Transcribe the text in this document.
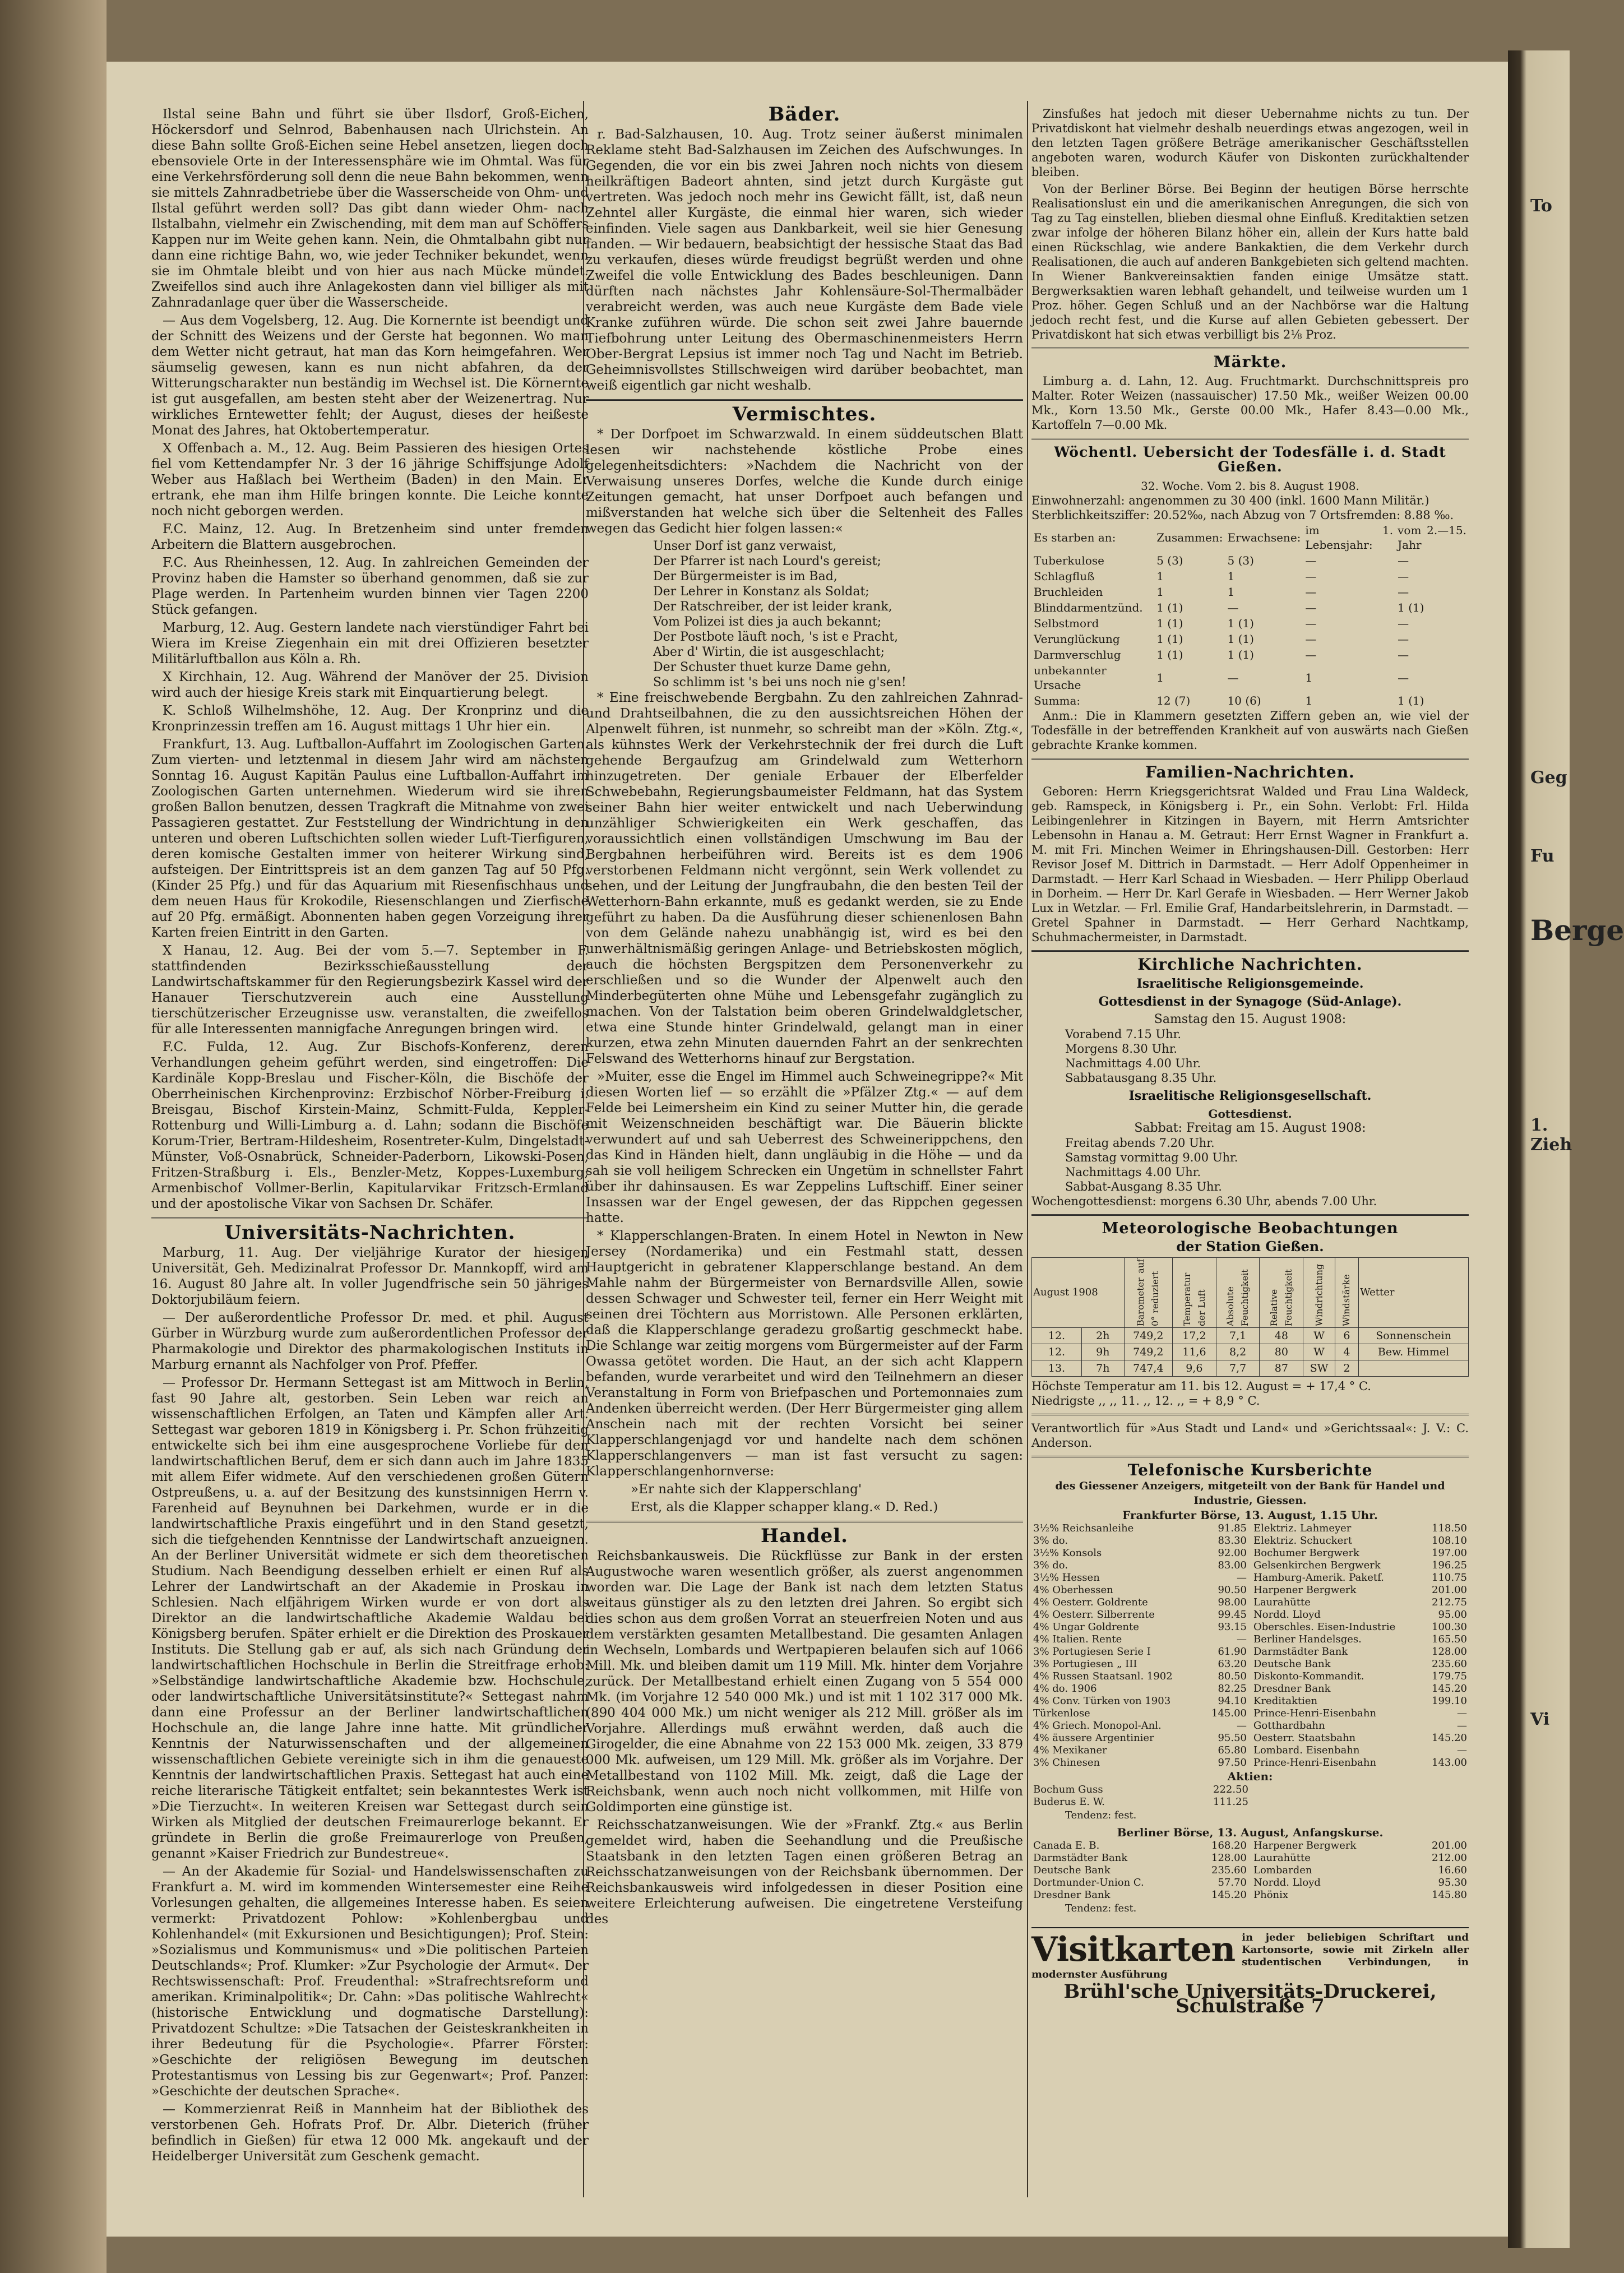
To
Geg
Fu
Berge
1. Zieh
Vi

Ilstal seine Bahn und führt sie über Ilsdorf, Groß-Eichen, Höckersdorf und Selnrod, Babenhausen nach Ulrichstein. An diese Bahn sollte Groß-Eichen seine Hebel ansetzen, liegen doch ebensoviele Orte in der Interessensphäre wie im Ohmtal. Was für eine Verkehrsförderung soll denn die neue Bahn bekommen, wenn sie mittels Zahnradbetriebe über die Wasserscheide von Ohm- und Ilstal geführt werden soll? Das gibt dann wieder Ohm- nach Ilstalbahn, vielmehr ein Zwischending, mit dem man auf Schöffers Kappen nur im Weite gehen kann. Nein, die Ohmtalbahn gibt nur dann eine richtige Bahn, wo, wie jeder Techniker bekundet, wenn sie im Ohmtale bleibt und von hier aus nach Mücke mündet. Zweifellos sind auch ihre Anlagekosten dann viel billiger als mit Zahnradanlage quer über die Wasserscheide.

— Aus dem Vogelsberg, 12. Aug. Die Kornernte ist beendigt und der Schnitt des Weizens und der Gerste hat begonnen. Wo man dem Wetter nicht getraut, hat man das Korn heimgefahren. Wer säumselig gewesen, kann es nun nicht abfahren, da der Witterungscharakter nun beständig im Wechsel ist. Die Körnernte ist gut ausgefallen, am besten steht aber der Weizenertrag. Nur wirkliches Erntewetter fehlt; der August, dieses der heißeste Monat des Jahres, hat Oktobertemperatur.

X Offenbach a. M., 12. Aug. Beim Passieren des hiesigen Ortes fiel vom Kettendampfer Nr. 3 der 16 jährige Schiffsjunge Adolf Weber aus Haßlach bei Wertheim (Baden) in den Main. Er ertrank, ehe man ihm Hilfe bringen konnte. Die Leiche konnte noch nicht geborgen werden.

F.C. Mainz, 12. Aug. In Bretzenheim sind unter fremden Arbeitern die Blattern ausgebrochen.

F.C. Aus Rheinhessen, 12. Aug. In zahlreichen Gemeinden der Provinz haben die Hamster so überhand genommen, daß sie zur Plage werden. In Partenheim wurden binnen vier Tagen 2200 Stück gefangen.

Marburg, 12. Aug. Gestern landete nach vierstündiger Fahrt bei Wiera im Kreise Ziegenhain ein mit drei Offizieren besetzter Militärluftballon aus Köln a. Rh.

X Kirchhain, 12. Aug. Während der Manöver der 25. Division wird auch der hiesige Kreis stark mit Einquartierung belegt.

K. Schloß Wilhelmshöhe, 12. Aug. Der Kronprinz und die Kronprinzessin treffen am 16. August mittags 1 Uhr hier ein.

Frankfurt, 13. Aug. Luftballon-Auffahrt im Zoologischen Garten. Zum vierten- und letztenmal in diesem Jahr wird am nächsten Sonntag 16. August Kapitän Paulus eine Luftballon-Auffahrt im Zoologischen Garten unternehmen. Wiederum wird sie ihren großen Ballon benutzen, dessen Tragkraft die Mitnahme von zwei Passagieren gestattet. Zur Feststellung der Windrichtung in den unteren und oberen Luftschichten sollen wieder Luft-Tierfiguren, deren komische Gestalten immer von heiterer Wirkung sind, aufsteigen. Der Eintrittspreis ist an dem ganzen Tag auf 50 Pfg. (Kinder 25 Pfg.) und für das Aquarium mit Riesenfischhaus und dem neuen Haus für Krokodile, Riesenschlangen und Zierfische auf 20 Pfg. ermäßigt. Abonnenten haben gegen Vorzeigung ihrer Karten freien Eintritt in den Garten.

X Hanau, 12. Aug. Bei der vom 5.—7. September in F. stattfindenden Bezirksschießausstellung der Landwirtschaftskammer für den Regierungsbezirk Kassel wird der Hanauer Tierschutzverein auch eine Ausstellung tierschützerischer Erzeugnisse usw. veranstalten, die zweifellos für alle Interessenten mannigfache Anregungen bringen wird.

F.C. Fulda, 12. Aug. Zur Bischofs-Konferenz, deren Verhandlungen geheim geführt werden, sind eingetroffen: Die Kardinäle Kopp-Breslau und Fischer-Köln, die Bischöfe der Oberrheinischen Kirchenprovinz: Erzbischof Nörber-Freiburg i. Breisgau, Bischof Kirstein-Mainz, Schmitt-Fulda, Keppler-Rottenburg und Willi-Limburg a. d. Lahn; sodann die Bischöfe Korum-Trier, Bertram-Hildesheim, Rosentreter-Kulm, Dingelstadt-Münster, Voß-Osnabrück, Schneider-Paderborn, Likowski-Posen, Fritzen-Straßburg i. Els., Benzler-Metz, Koppes-Luxemburg; Armenbischof Vollmer-Berlin, Kapitularvikar Fritzsch-Ermland und der apostolische Vikar von Sachsen Dr. Schäfer.

Universitäts-Nachrichten.

Marburg, 11. Aug. Der vieljährige Kurator der hiesigen Universität, Geh. Medizinalrat Professor Dr. Mannkopff, wird am 16. August 80 Jahre alt. In voller Jugendfrische sein 50 jähriges Doktorjubiläum feiern.

— Der außerordentliche Professor Dr. med. et phil. August Gürber in Würzburg wurde zum außerordentlichen Professor der Pharmakologie und Direktor des pharmakologischen Instituts in Marburg ernannt als Nachfolger von Prof. Pfeffer.

— Professor Dr. Hermann Settegast ist am Mittwoch in Berlin, fast 90 Jahre alt, gestorben. Sein Leben war reich an wissenschaftlichen Erfolgen, an Taten und Kämpfen aller Art. Settegast war geboren 1819 in Königsberg i. Pr. Schon frühzeitig entwickelte sich bei ihm eine ausgesprochene Vorliebe für den landwirtschaftlichen Beruf, dem er sich dann auch im Jahre 1835 mit allem Eifer widmete. Auf den verschiedenen großen Gütern Ostpreußens, u. a. auf der Besitzung des kunstsinnigen Herrn v. Farenheid auf Beynuhnen bei Darkehmen, wurde er in die landwirtschaftliche Praxis eingeführt und in den Stand gesetzt, sich die tiefgehenden Kenntnisse der Landwirtschaft anzueignen. An der Berliner Universität widmete er sich dem theoretischen Studium. Nach Beendigung desselben erhielt er einen Ruf als Lehrer der Landwirtschaft an der Akademie in Proskau in Schlesien. Nach elfjährigem Wirken wurde er von dort als Direktor an die landwirtschaftliche Akademie Waldau bei Königsberg berufen. Später erhielt er die Direktion des Proskauer Instituts. Die Stellung gab er auf, als sich nach Gründung der landwirtschaftlichen Hochschule in Berlin die Streitfrage erhob: »Selbständige landwirtschaftliche Akademie bzw. Hochschule, oder landwirtschaftliche Universitätsinstitute?« Settegast nahm dann eine Professur an der Berliner landwirtschaftlichen Hochschule an, die lange Jahre inne hatte. Mit gründlicher Kenntnis der Naturwissenschaften und der allgemeinen wissenschaftlichen Gebiete vereinigte sich in ihm die genaueste Kenntnis der landwirtschaftlichen Praxis. Settegast hat auch eine reiche literarische Tätigkeit entfaltet; sein bekanntestes Werk ist »Die Tierzucht«. In weiteren Kreisen war Settegast durch sein Wirken als Mitglied der deutschen Freimaurerloge bekannt. Er gründete in Berlin die große Freimaurerloge von Preußen, genannt »Kaiser Friedrich zur Bundestreue«.

— An der Akademie für Sozial- und Handelswissenschaften zu Frankfurt a. M. wird im kommenden Wintersemester eine Reihe Vorlesungen gehalten, die allgemeines Interesse haben. Es seien vermerkt: Privatdozent Pohlow: »Kohlenbergbau und Kohlenhandel« (mit Exkursionen und Besichtigungen); Prof. Stein: »Sozialismus und Kommunismus« und »Die politischen Parteien Deutschlands«; Prof. Klumker: »Zur Psychologie der Armut«. Der Rechtswissenschaft: Prof. Freudenthal: »Strafrechtsreform und amerikan. Kriminalpolitik«; Dr. Cahn: »Das politische Wahlrecht« (historische Entwicklung und dogmatische Darstellung): Privatdozent Schultze: »Die Tatsachen der Geisteskrankheiten in ihrer Bedeutung für die Psychologie«. Pfarrer Förster: »Geschichte der religiösen Bewegung im deutschen Protestantismus von Lessing bis zur Gegenwart«; Prof. Panzer: »Geschichte der deutschen Sprache«.

— Kommerzienrat Reiß in Mannheim hat der Bibliothek des verstorbenen Geh. Hofrats Prof. Dr. Albr. Dieterich (früher befindlich in Gießen) für etwa 12 000 Mk. angekauft und der Heidelberger Universität zum Geschenk gemacht.

Bäder.

r. Bad-Salzhausen, 10. Aug. Trotz seiner äußerst minimalen Reklame steht Bad-Salzhausen im Zeichen des Aufschwunges. In Gegenden, die vor ein bis zwei Jahren noch nichts von diesem heilkräftigen Badeort ahnten, sind jetzt durch Kurgäste gut vertreten. Was jedoch noch mehr ins Gewicht fällt, ist, daß neun Zehntel aller Kurgäste, die einmal hier waren, sich wieder einfinden. Viele sagen aus Dankbarkeit, weil sie hier Genesung fanden. — Wir bedauern, beabsichtigt der hessische Staat das Bad zu verkaufen, dieses würde freudigst begrüßt werden und ohne Zweifel die volle Entwicklung des Bades beschleunigen. Dann dürften nach nächstes Jahr Kohlensäure-Sol-Thermalbäder verabreicht werden, was auch neue Kurgäste dem Bade viele Kranke zuführen würde. Die schon seit zwei Jahre bauernde Tiefbohrung unter Leitung des Obermaschinenmeisters Herrn Ober-Bergrat Lepsius ist immer noch Tag und Nacht im Betrieb. Geheimnisvollstes Stillschweigen wird darüber beobachtet, man weiß eigentlich gar nicht weshalb.

Vermischtes.

* Der Dorfpoet im Schwarzwald. In einem süddeutschen Blatt lesen wir nachstehende köstliche Probe eines gelegenheitsdichters: »Nachdem die Nachricht von der Verwaisung unseres Dorfes, welche die Kunde durch einige Zeitungen gemacht, hat unser Dorfpoet auch befangen und mißverstanden hat welche sich über die Seltenheit des Falles wegen das Gedicht hier folgen lassen:«

Unser Dorf ist ganz verwaist,
Der Pfarrer ist nach Lourd's gereist;
Der Bürgermeister is im Bad,
Der Lehrer in Konstanz als Soldat;
Der Ratschreiber, der ist leider krank,
Vom Polizei ist dies ja auch bekannt;
Der Postbote läuft noch, 's ist e Pracht,
Aber d' Wirtin, die ist ausgeschlacht;
Der Schuster thuet kurze Dame gehn,
So schlimm ist 's bei uns noch nie g'sen!

* Eine freischwebende Bergbahn. Zu den zahlreichen Zahnrad- und Drahtseilbahnen, die zu den aussichtsreichen Höhen der Alpenwelt führen, ist nunmehr, so schreibt man der »Köln. Ztg.«, als kühnstes Werk der Verkehrstechnik der frei durch die Luft gehende Bergaufzug am Grindelwald zum Wetterhorn hinzugetreten. Der geniale Erbauer der Elberfelder Schwebebahn, Regierungsbaumeister Feldmann, hat das System seiner Bahn hier weiter entwickelt und nach Ueberwindung unzähliger Schwierigkeiten ein Werk geschaffen, das voraussichtlich einen vollständigen Umschwung im Bau der Bergbahnen herbeiführen wird. Bereits ist es dem 1906 verstorbenen Feldmann nicht vergönnt, sein Werk vollendet zu sehen, und der Leitung der Jungfraubahn, die den besten Teil der Wetterhorn-Bahn erkannte, muß es gedankt werden, sie zu Ende geführt zu haben. Da die Ausführung dieser schienenlosen Bahn von dem Gelände nahezu unabhängig ist, wird es bei den unwerhältnismäßig geringen Anlage- und Betriebskosten möglich, auch die höchsten Bergspitzen dem Personenverkehr zu erschließen und so die Wunder der Alpenwelt auch den Minderbegüterten ohne Mühe und Lebensgefahr zugänglich zu machen. Von der Talstation beim oberen Grindelwaldgletscher, etwa eine Stunde hinter Grindelwald, gelangt man in einer kurzen, etwa zehn Minuten dauernden Fahrt an der senkrechten Felswand des Wetterhorns hinauf zur Bergstation.

»Muiter, esse die Engel im Himmel auch Schweinegrippe?« Mit diesen Worten lief — so erzählt die »Pfälzer Ztg.« — auf dem Felde bei Leimersheim ein Kind zu seiner Mutter hin, die gerade mit Weizenschneiden beschäftigt war. Die Bäuerin blickte verwundert auf und sah Ueberrest des Schweinerippchens, den das Kind in Händen hielt, dann ungläubig in die Höhe — und da sah sie voll heiligem Schrecken ein Ungetüm in schnellster Fahrt über ihr dahinsausen. Es war Zeppelins Luftschiff. Einer seiner Insassen war der Engel gewesen, der das Rippchen gegessen hatte.

* Klapperschlangen-Braten. In einem Hotel in Newton in New Jersey (Nordamerika) und ein Festmahl statt, dessen Hauptgericht in gebratener Klapperschlange bestand. An dem Mahle nahm der Bürgermeister von Bernardsville Allen, sowie dessen Schwager und Schwester teil, ferner ein Herr Weight mit seinen drei Töchtern aus Morristown. Alle Personen erklärten, daß die Klapperschlange geradezu großartig geschmeckt habe. Die Schlange war zeitig morgens vom Bürgermeister auf der Farm Owassa getötet worden. Die Haut, an der sich acht Klappern befanden, wurde verarbeitet und wird den Teilnehmern an dieser Veranstaltung in Form von Briefpaschen und Portemonnaies zum Andenken überreicht werden. (Der Herr Bürgermeister ging allem Anschein nach mit der rechten Vorsicht bei seiner Klapperschlangenjagd vor und handelte nach dem schönen Klapperschlangenvers — man ist fast versucht zu sagen: Klapperschlangenhornverse:

»Er nahte sich der Klapperschlang'

Erst, als die Klapper schapper klang.« D. Red.)

Handel.

Reichsbankausweis. Die Rückflüsse zur Bank in der ersten Augustwoche waren wesentlich größer, als zuerst angenommen worden war. Die Lage der Bank ist nach dem letzten Status weitaus günstiger als zu den letzten drei Jahren. So ergibt sich dies schon aus dem großen Vorrat an steuerfreien Noten und aus dem verstärkten gesamten Metallbestand. Die gesamten Anlagen in Wechseln, Lombards und Wertpapieren belaufen sich auf 1066 Mill. Mk. und bleiben damit um 119 Mill. Mk. hinter dem Vorjahre zurück. Der Metallbestand erhielt einen Zugang von 5 554 000 Mk. (im Vorjahre 12 540 000 Mk.) und ist mit 1 102 317 000 Mk. (890 404 000 Mk.) um nicht weniger als 212 Mill. größer als im Vorjahre. Allerdings muß erwähnt werden, daß auch die Girogelder, die eine Abnahme von 22 153 000 Mk. zeigen, 33 879 000 Mk. aufweisen, um 129 Mill. Mk. größer als im Vorjahre. Der Metallbestand von 1102 Mill. Mk. zeigt, daß die Lage der Reichsbank, wenn auch noch nicht vollkommen, mit Hilfe von Goldimporten eine günstige ist.

Reichsschatzanweisungen. Wie der »Frankf. Ztg.« aus Berlin gemeldet wird, haben die Seehandlung und die Preußische Staatsbank in den letzten Tagen einen größeren Betrag an Reichsschatzanweisungen von der Reichsbank übernommen. Der Reichsbankausweis wird infolgedessen in dieser Position eine weitere Erleichterung aufweisen. Die eingetretene Versteifung des

Zinsfußes hat jedoch mit dieser Uebernahme nichts zu tun. Der Privatdiskont hat vielmehr deshalb neuerdings etwas angezogen, weil in den letzten Tagen größere Beträge amerikanischer Geschäftsstellen angeboten waren, wodurch Käufer von Diskonten zurückhaltender bleiben.

Von der Berliner Börse. Bei Beginn der heutigen Börse herrschte Realisationslust ein und die amerikanischen Anregungen, die sich von Tag zu Tag einstellen, blieben diesmal ohne Einfluß. Kreditaktien setzen zwar infolge der höheren Bilanz höher ein, allein der Kurs hatte bald einen Rückschlag, wie andere Bankaktien, die dem Verkehr durch Realisationen, die auch auf anderen Bankgebieten sich geltend machten. In Wiener Bankvereinsaktien fanden einige Umsätze statt. Bergwerksaktien waren lebhaft gehandelt, und teilweise wurden um 1 Proz. höher. Gegen Schluß und an der Nachbörse war die Haltung jedoch recht fest, und die Kurse auf allen Gebieten gebessert. Der Privatdiskont hat sich etwas verbilligt bis 2⅛ Proz.

Märkte.

Limburg a. d. Lahn, 12. Aug. Fruchtmarkt. Durchschnittspreis pro Malter. Roter Weizen (nassauischer) 17.50 Mk., weißer Weizen 00.00 Mk., Korn 13.50 Mk., Gerste 00.00 Mk., Hafer 8.43—0.00 Mk., Kartoffeln 7—0.00 Mk.

Wöchentl. Uebersicht der Todesfälle i. d. Stadt Gießen.
32. Woche. Vom 2. bis 8. August 1908.
Einwohnerzahl: angenommen zu 30 400 (inkl. 1600 Mann Militär.)
Sterblichkeitsziffer: 20.52‰, nach Abzug von 7 Ortsfremden: 8.88 ‰.
Es starben an:	Zusammen:	Erwachsene:	im 1. Lebensjahr:	vom 2.—15. Jahr
Tuberkulose	5 (3)	5 (3)	—	—
Schlagfluß	1	1	—	—
Bruchleiden	1	1	—	—
Blinddarmentzünd.	1 (1)	—	—	1 (1)
Selbstmord	1 (1)	1 (1)	—	—
Verunglückung	1 (1)	1 (1)	—	—
Darmverschlug	1 (1)	1 (1)	—	—
unbekannter Ursache	1	—	1	—
Summa:	12 (7)	10 (6)	1	1 (1)

Anm.: Die in Klammern gesetzten Ziffern geben an, wie viel der Todesfälle in der betreffenden Krankheit auf von auswärts nach Gießen gebrachte Kranke kommen.

Familien-Nachrichten.

Geboren: Herrn Kriegsgerichtsrat Walded und Frau Lina Waldeck, geb. Ramspeck, in Königsberg i. Pr., ein Sohn. Verlobt: Frl. Hilda Leibingenlehrer in Kitzingen in Bayern, mit Herrn Amtsrichter Lebensohn in Hanau a. M. Getraut: Herr Ernst Wagner in Frankfurt a. M. mit Fri. Minchen Weimer in Ehringshausen-Dill. Gestorben: Herr Revisor Josef M. Dittrich in Darmstadt. — Herr Adolf Oppenheimer in Darmstadt. — Herr Karl Schaad in Wiesbaden. — Herr Philipp Oberlaud in Dorheim. — Herr Dr. Karl Gerafe in Wiesbaden. — Herr Werner Jakob Lux in Wetzlar. — Frl. Emilie Graf, Handarbeitslehrerin, in Darmstadt. — Gretel Spahner in Darmstadt. — Herr Gerhard Nachtkamp, Schuhmachermeister, in Darmstadt.

Kirchliche Nachrichten.
Israelitische Religionsgemeinde.
Gottesdienst in der Synagoge (Süd-Anlage).
Samstag den 15. August 1908:
Vorabend 7.15 Uhr.
Morgens 8.30 Uhr.
Nachmittags 4.00 Uhr.
Sabbatausgang 8.35 Uhr.
Israelitische Religionsgesellschaft.
Gottesdienst.
Sabbat: Freitag am 15. August 1908:
Freitag abends 7.20 Uhr.
Samstag vormittag 9.00 Uhr.
Nachmittags 4.00 Uhr.
Sabbat-Ausgang 8.35 Uhr.
Wochengottesdienst: morgens 6.30 Uhr, abends 7.00 Uhr.
Meteorologische Beobachtungen
der Station Gießen.
August 1908		Barometer auf 0° reduziert	Temperatur der Luft	Absolute Feuchtigkeit	Relative Feuchtigkeit	Windrichtung	Windstärke	Wetter
12.	2h	749,2	17,2	7,1	48	W	6	Sonnenschein
12.	9h	749,2	11,6	8,2	80	W	4	Bew. Himmel
13.	7h	747,4	9,6	7,7	87	SW	2	
Höchste Temperatur am 11. bis 12. August = + 17,4 ° C.
Niedrigste ,, ,, 11. ,, 12. ,, = + 8,9 ° C.
Verantwortlich für »Aus Stadt und Land« und »Gerichtssaal«: J. V.: C. Anderson.
Telefonische Kursberichte
des Giessener Anzeigers, mitgeteilt von der Bank für Handel und Industrie, Giessen.
Frankfurter Börse, 13. August, 1.15 Uhr.
3½% Reichsanleihe	91.85
3% do.	83.30
3½% Konsols	92.00
3% do.	83.00
3½% Hessen	—
4% Oberhessen	90.50
4% Oesterr. Goldrente	98.00
4% Oesterr. Silberrente	99.45
4% Ungar Goldrente	93.15
4% Italien. Rente	—
3% Portugiesen Serie I	61.90
3% Portugiesen „ III	63.20
4% Russen Staatsanl. 1902	80.50
4% do. 1906	82.25
4% Conv. Türken von 1903	94.10
Türkenlose	145.00
4% Griech. Monopol-Anl.	—
4% äussere Argentinier	95.50
4% Mexikaner	65.80
3% Chinesen	97.50
Elektriz. Lahmeyer	118.50
Elektriz. Schuckert	108.10
Bochumer Bergwerk	197.00
Gelsenkirchen Bergwerk	196.25
Hamburg-Amerik. Paketf.	110.75
Harpener Bergwerk	201.00
Laurahütte	212.75
Nordd. Lloyd	95.00
Oberschles. Eisen-Industrie	100.30
Berliner Handelsges.	165.50
Darmstädter Bank	128.00
Deutsche Bank	235.60
Diskonto-Kommandit.	179.75
Dresdner Bank	145.20
Kreditaktien	199.10
Prince-Henri-Eisenbahn	—
Gotthardbahn	—
Oesterr. Staatsbahn	145.20
Lombard. Eisenbahn	—
Prince-Henri-Eisenbahn	143.00
Aktien:
Bochum Guss	222.50
Buderus E. W.	111.25
Tendenz: fest.
Berliner Börse, 13. August, Anfangskurse.
Canada E. B.	168.20
Darmstädter Bank	128.00
Deutsche Bank	235.60
Dortmunder-Union C.	57.70
Dresdner Bank	145.20
Harpener Bergwerk	201.00
Laurahütte	212.00
Lombarden	16.60
Nordd. Lloyd	95.30
Phönix	145.80
Tendenz: fest.
Visitkarten in jeder beliebigen Schriftart und Kartonsorte, sowie mit Zirkeln aller studentischen Verbindungen, in modernster Ausführung
Brühl'sche Universitäts-Druckerei, Schulstraße 7
